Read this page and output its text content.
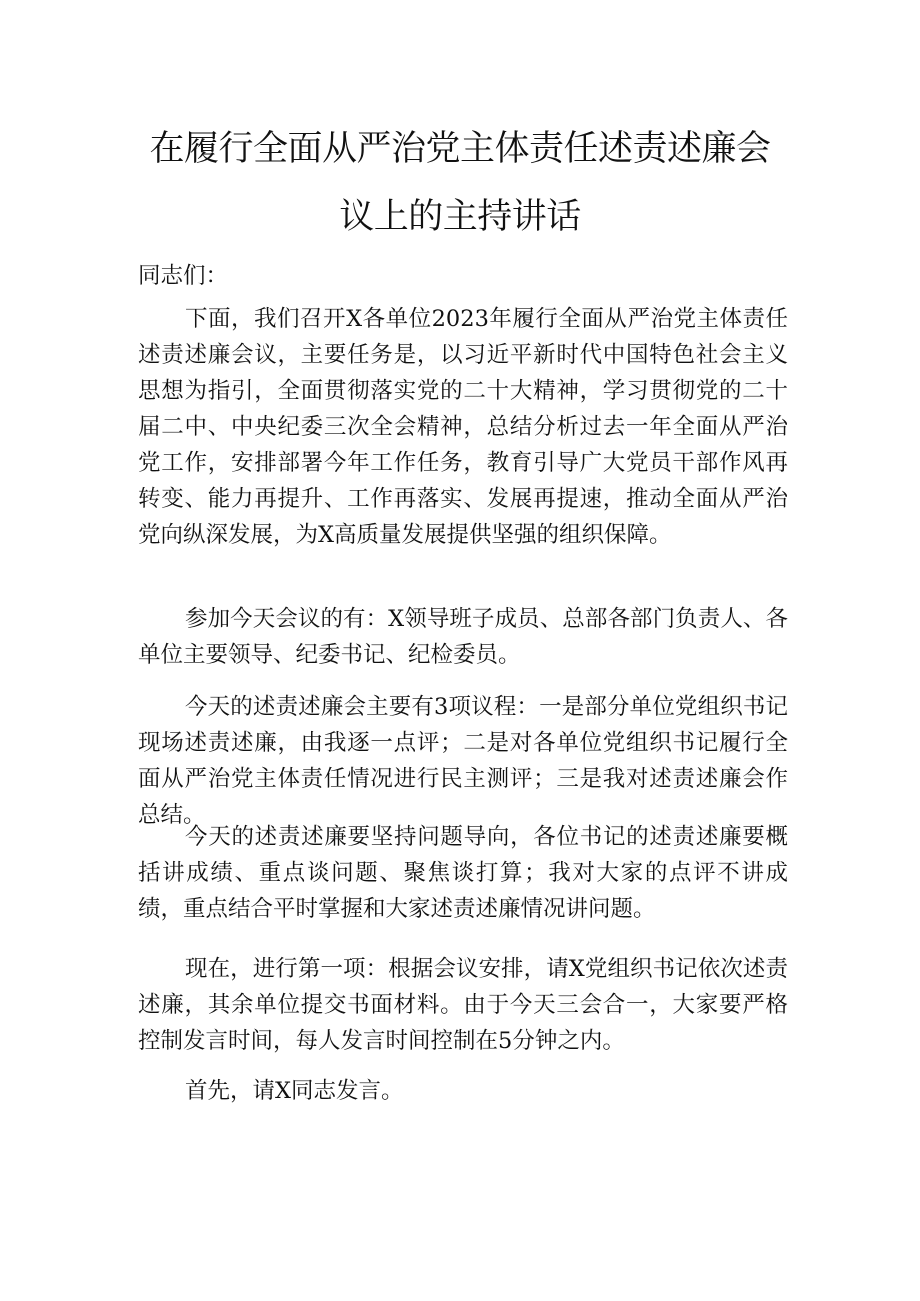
在履行全面从严治党主体责任述责述廉会
议上的主持讲话

同志们：

下面，我们召开X各单位2023年履行全面从严治党主体责任述责述廉会议，主要任务是，以习近平新时代中国特色社会主义思想为指引，全面贯彻落实党的二十大精神，学习贯彻党的二十届二中、中央纪委三次全会精神，总结分析过去一年全面从严治党工作，安排部署今年工作任务，教育引导广大党员干部作风再转变、能力再提升、工作再落实、发展再提速，推动全面从严治党向纵深发展，为X高质量发展提供坚强的组织保障。

参加今天会议的有：X领导班子成员、总部各部门负责人、各单位主要领导、纪委书记、纪检委员。

今天的述责述廉会主要有3项议程：一是部分单位党组织书记现场述责述廉，由我逐一点评；二是对各单位党组织书记履行全面从严治党主体责任情况进行民主测评；三是我对述责述廉会作总结。

今天的述责述廉要坚持问题导向，各位书记的述责述廉要概括讲成绩、重点谈问题、聚焦谈打算；我对大家的点评不讲成绩，重点结合平时掌握和大家述责述廉情况讲问题。

现在，进行第一项：根据会议安排，请X党组织书记依次述责述廉，其余单位提交书面材料。由于今天三会合一，大家要严格控制发言时间，每人发言时间控制在5分钟之内。

首先，请X同志发言。
